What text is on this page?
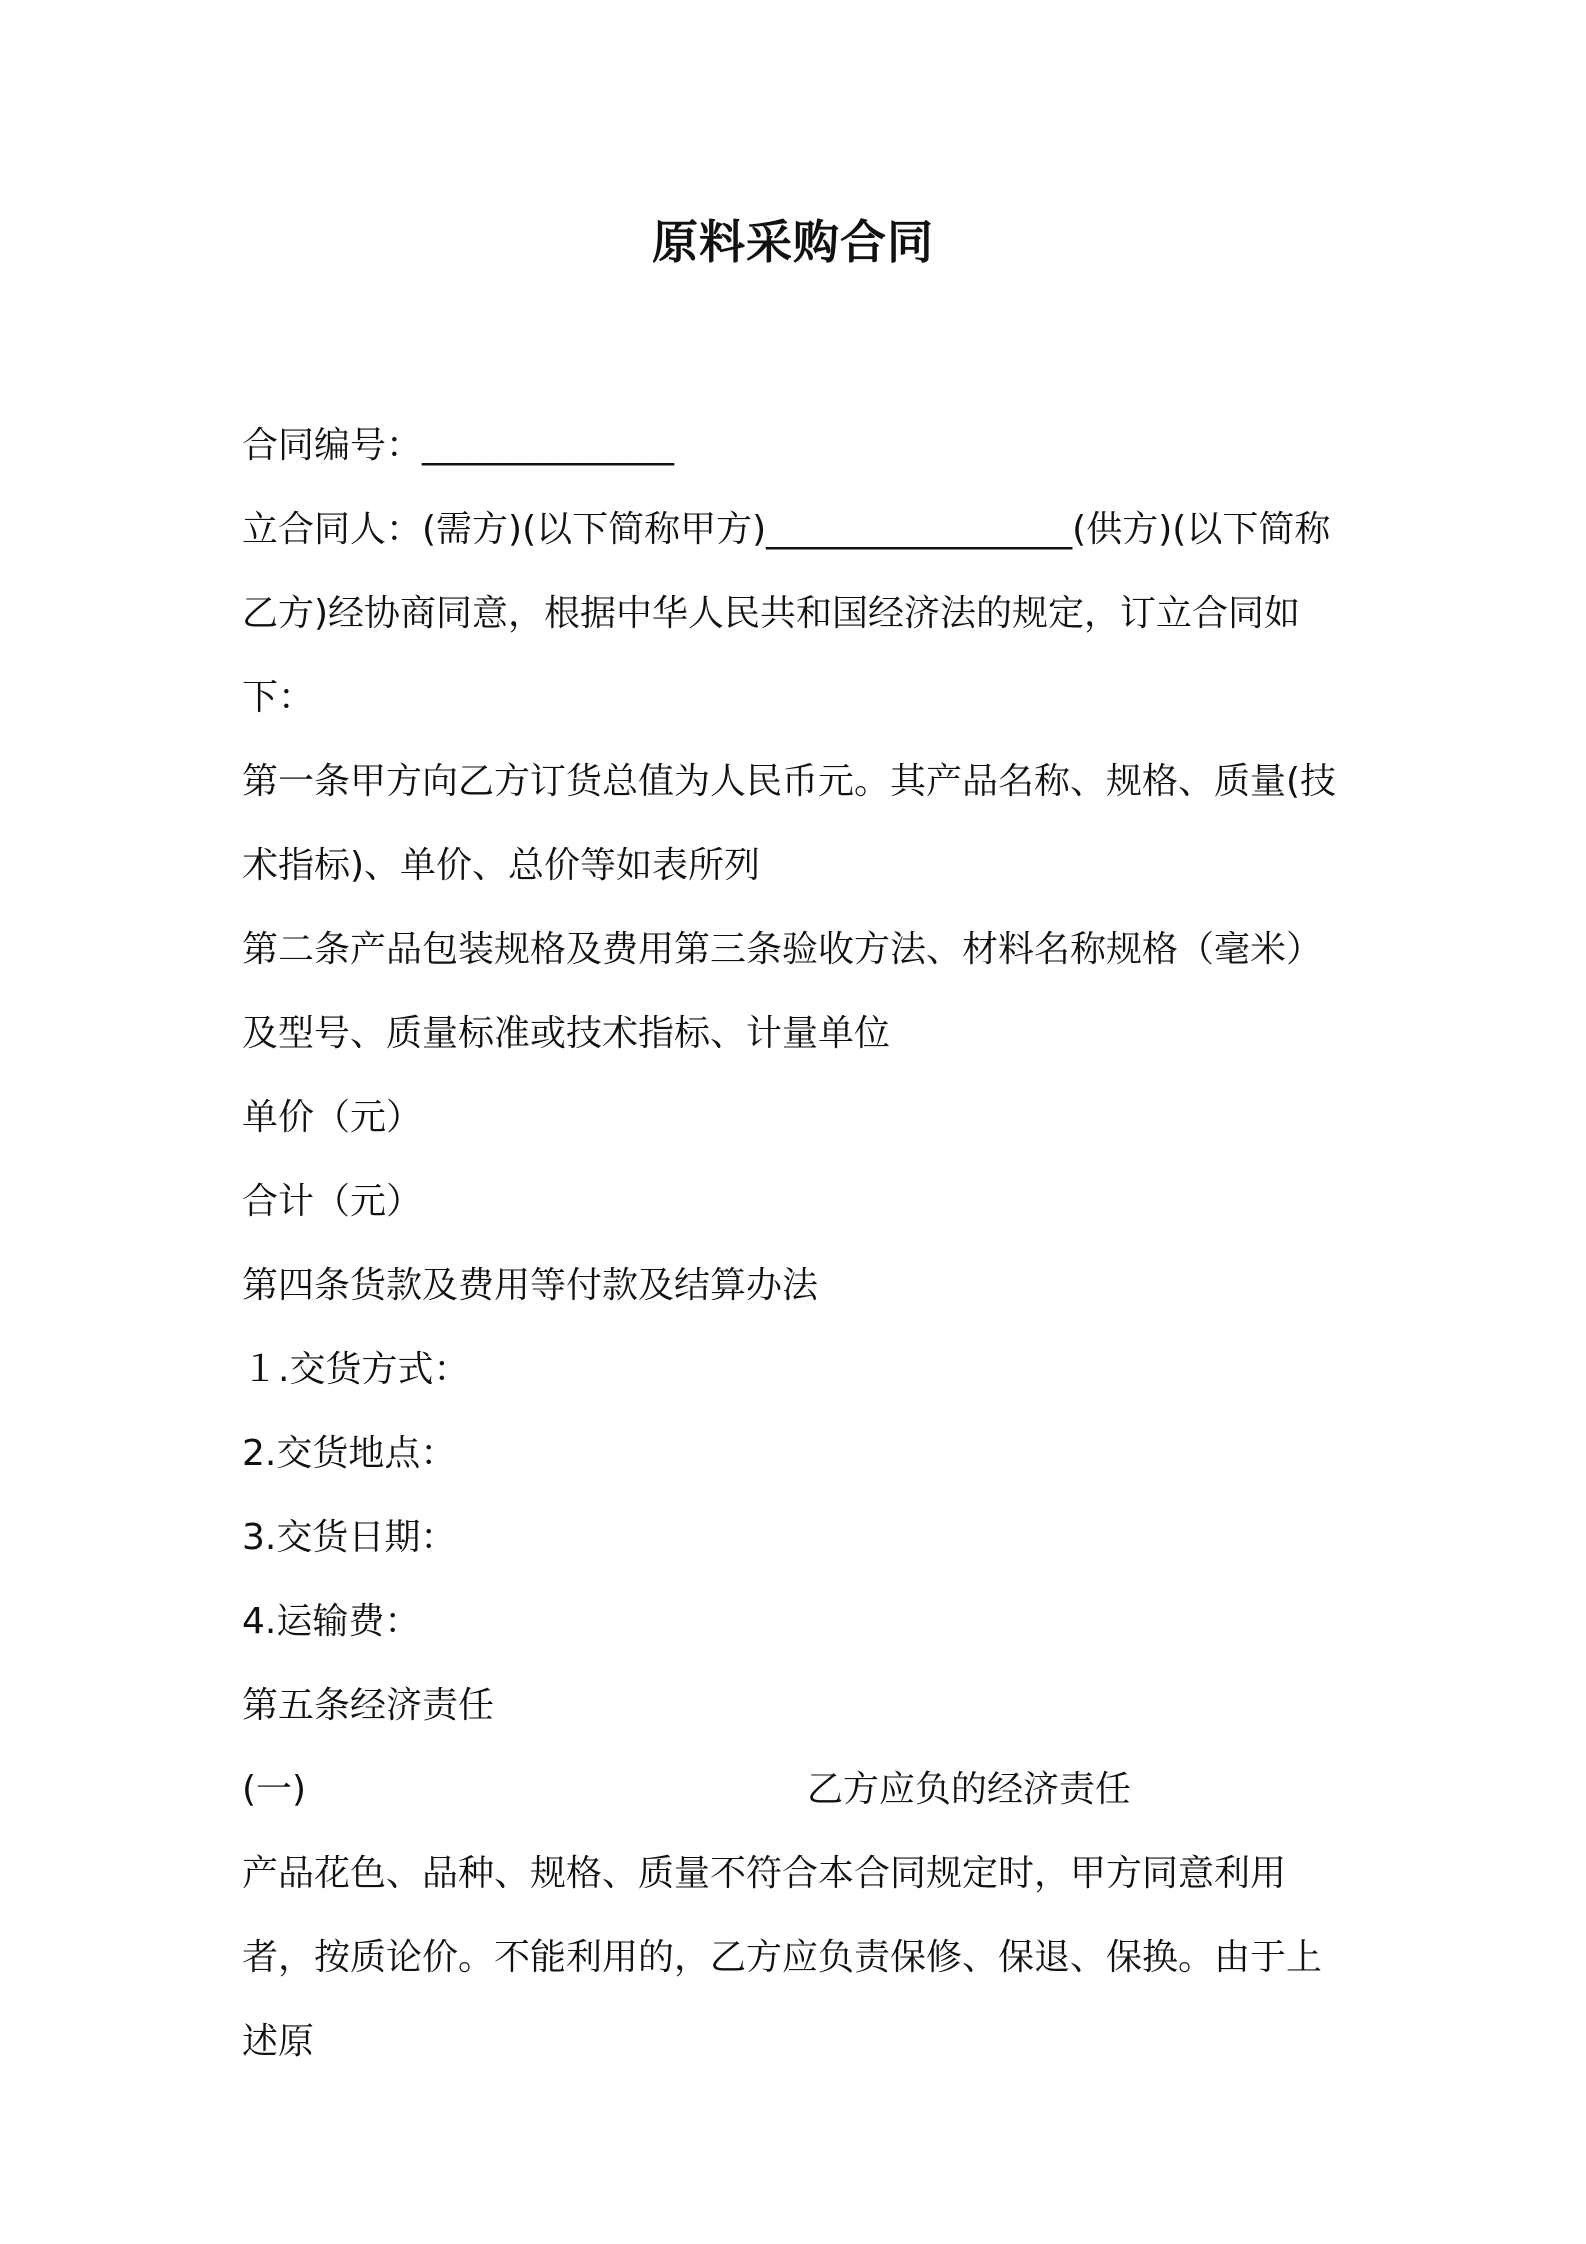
原料采购合同

合同编号：______________

立合同人：(需方)(以下简称甲方)_________________(供方)(以下简称乙方)经协商同意，根据中华人民共和国经济法的规定，订立合同如下：

第一条甲方向乙方订货总值为人民币元。其产品名称、规格、质量(技术指标)、单价、总价等如表所列

第二条产品包装规格及费用第三条验收方法、材料名称规格（毫米）及型号、质量标准或技术指标、计量单位

单价（元）

合计（元）

第四条货款及费用等付款及结算办法

１.交货方式：

2.交货地点：

3.交货日期：

4.运输费：

第五条经济责任

(一)	乙方应负的经济责任

产品花色、品种、规格、质量不符合本合同规定时，甲方同意利用者，按质论价。不能利用的，乙方应负责保修、保退、保换。由于上述原
